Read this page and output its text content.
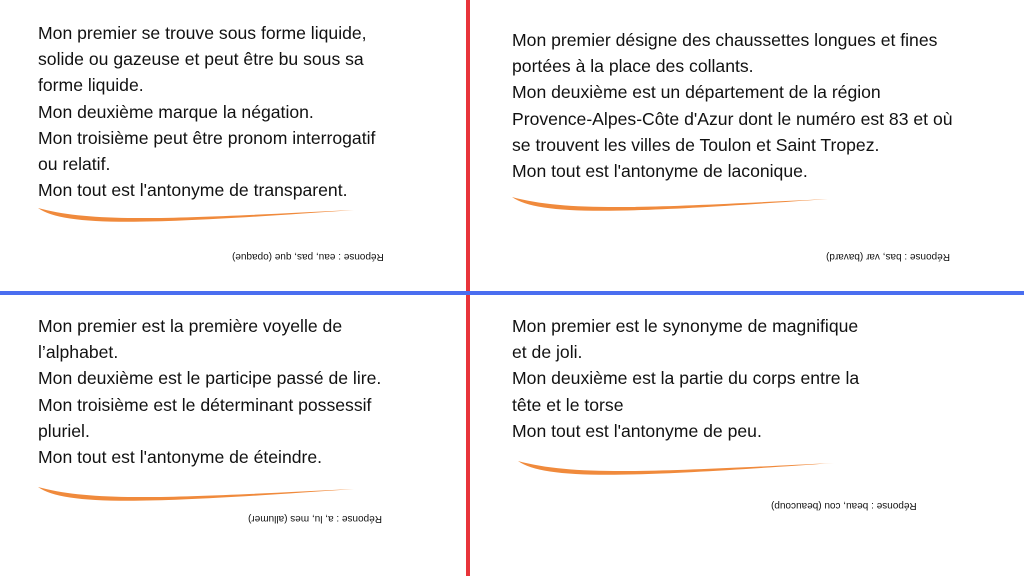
Mon premier se trouve sous forme liquide,

solide ou gazeuse et peut être bu sous sa

forme liquide.

Mon deuxième marque la négation.

Mon troisième peut être pronom interrogatif

ou relatif.

Mon tout est l'antonyme de transparent.

Réponse : eau, pas, que (opaque)

Mon premier désigne des chaussettes longues et fines

portées à la place des collants.

Mon deuxième est un département de la région

Provence-Alpes-Côte d'Azur dont le numéro est 83 et où

se trouvent les villes de Toulon et Saint Tropez.

Mon tout est l'antonyme de laconique.

Réponse : bas, var (bavard)

Mon premier est la première voyelle de

l’alphabet.

Mon deuxième est le participe passé de lire.

Mon troisième est le déterminant possessif

pluriel.

Mon tout est l'antonyme de éteindre.

Réponse : a, lu, mes (allumer)

Mon premier est le synonyme de magnifique

et de joli.

Mon deuxième est la partie du corps entre la

tête et le torse

Mon tout est l'antonyme de peu.

Réponse : beau, cou (beaucoup)
